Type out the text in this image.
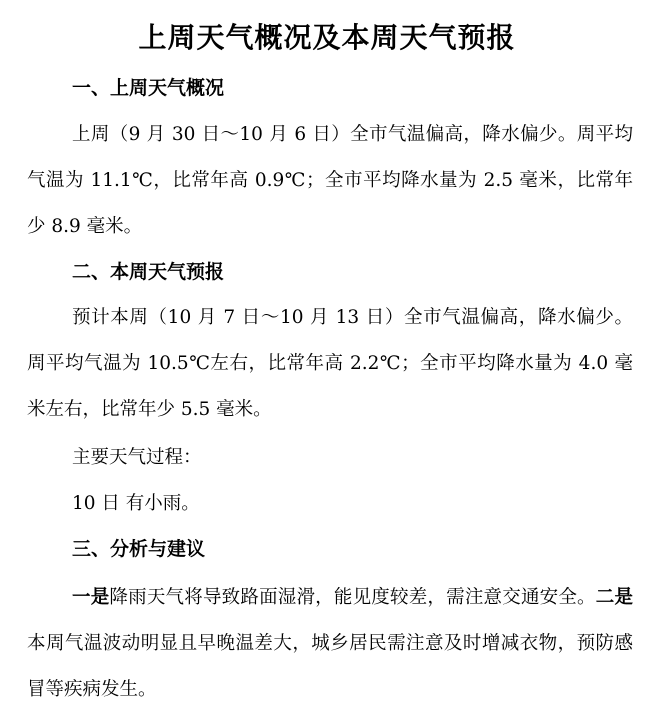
上周天气概况及本周天气预报
一、上周天气概况

上周（9 月 30 日～10 月 6 日）全市气温偏高，降水偏少。周平均气温为 11.1℃，比常年高 0.9℃；全市平均降水量为 2.5 毫米，比常年少 8.9 毫米。

二、本周天气预报

预计本周（10 月 7 日～10 月 13 日）全市气温偏高，降水偏少。周平均气温为 10.5℃左右，比常年高 2.2℃；全市平均降水量为 4.0 毫米左右，比常年少 5.5 毫米。

主要天气过程：

10 日 有小雨。

三、分析与建议

一是降雨天气将导致路面湿滑，能见度较差，需注意交通安全。二是本周气温波动明显且早晚温差大，城乡居民需注意及时增减衣物，预防感冒等疾病发生。
